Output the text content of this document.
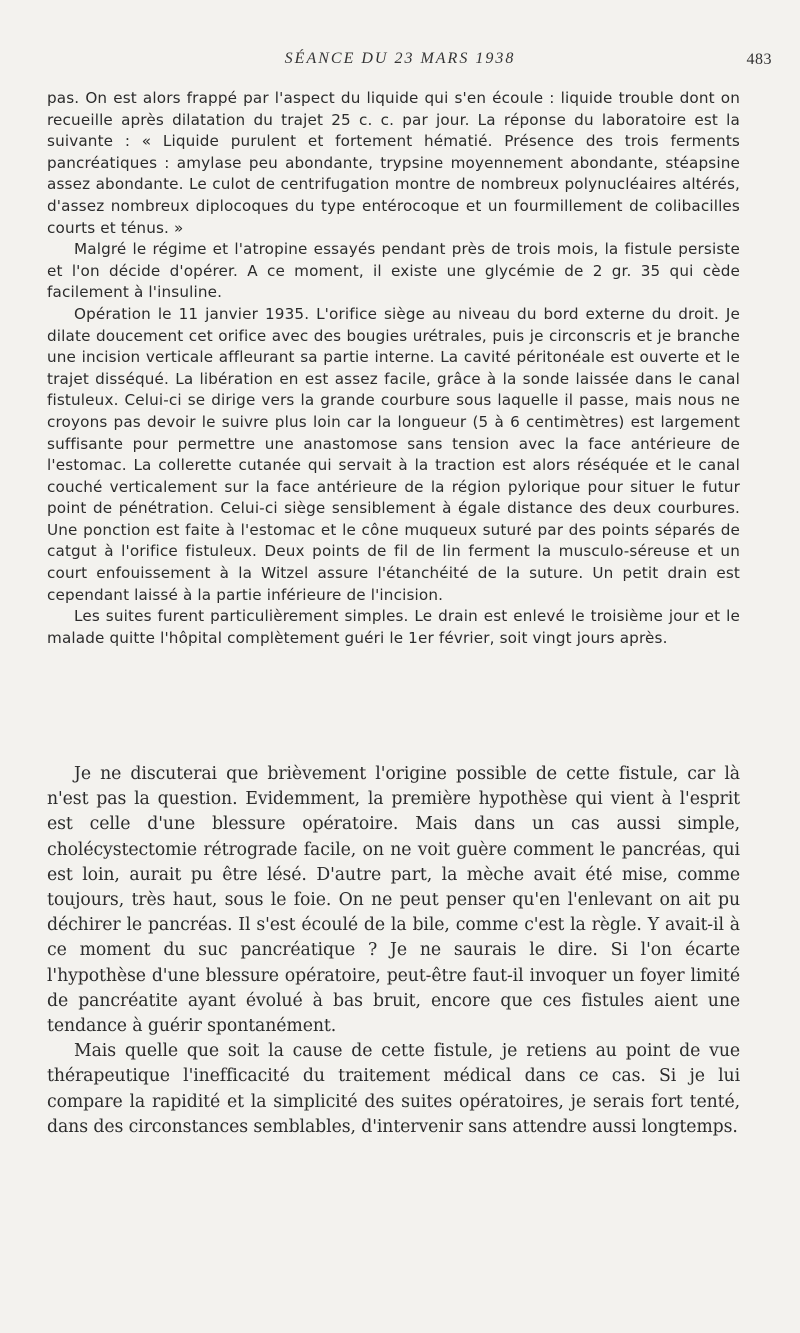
SÉANCE DU 23 MARS 1938	483

pas. On est alors frappé par l'aspect du liquide qui s'en écoule : liquide trouble dont on recueille après dilatation du trajet 25 c. c. par jour. La réponse du laboratoire est la suivante : « Liquide purulent et fortement hématié. Présence des trois ferments pancréatiques : amylase peu abondante, trypsine moyennement abondante, stéapsine assez abondante. Le culot de centrifugation montre de nombreux polynucléaires altérés, d'assez nombreux diplocoques du type entérocoque et un fourmillement de colibacilles courts et ténus. »

Malgré le régime et l'atropine essayés pendant près de trois mois, la fistule persiste et l'on décide d'opérer. A ce moment, il existe une glycémie de 2 gr. 35 qui cède facilement à l'insuline.

Opération le 11 janvier 1935. L'orifice siège au niveau du bord externe du droit. Je dilate doucement cet orifice avec des bougies urétrales, puis je circonscris et je branche une incision verticale affleurant sa partie interne. La cavité péritonéale est ouverte et le trajet disséqué. La libération en est assez facile, grâce à la sonde laissée dans le canal fistuleux. Celui-ci se dirige vers la grande courbure sous laquelle il passe, mais nous ne croyons pas devoir le suivre plus loin car la longueur (5 à 6 centimètres) est largement suffisante pour permettre une anastomose sans tension avec la face antérieure de l'estomac. La collerette cutanée qui servait à la traction est alors réséquée et le canal couché verticalement sur la face antérieure de la région pylorique pour situer le futur point de pénétration. Celui-ci siège sensiblement à égale distance des deux courbures. Une ponction est faite à l'estomac et le cône muqueux suturé par des points séparés de catgut à l'orifice fistuleux. Deux points de fil de lin ferment la musculo-séreuse et un court enfouissement à la Witzel assure l'étanchéité de la suture. Un petit drain est cependant laissé à la partie inférieure de l'incision.

Les suites furent particulièrement simples. Le drain est enlevé le troisième jour et le malade quitte l'hôpital complètement guéri le 1er février, soit vingt jours après.

Je ne discuterai que brièvement l'origine possible de cette fistule, car là n'est pas la question. Evidemment, la première hypothèse qui vient à l'esprit est celle d'une blessure opératoire. Mais dans un cas aussi simple, cholécystectomie rétrograde facile, on ne voit guère comment le pancréas, qui est loin, aurait pu être lésé. D'autre part, la mèche avait été mise, comme toujours, très haut, sous le foie. On ne peut penser qu'en l'enlevant on ait pu déchirer le pancréas. Il s'est écoulé de la bile, comme c'est la règle. Y avait-il à ce moment du suc pancréatique ? Je ne saurais le dire. Si l'on écarte l'hypothèse d'une blessure opératoire, peut-être faut-il invoquer un foyer limité de pancréatite ayant évolué à bas bruit, encore que ces fistules aient une tendance à guérir spontanément.

Mais quelle que soit la cause de cette fistule, je retiens au point de vue thérapeutique l'inefficacité du traitement médical dans ce cas. Si je lui compare la rapidité et la simplicité des suites opératoires, je serais fort tenté, dans des circonstances semblables, d'intervenir sans attendre aussi longtemps.
